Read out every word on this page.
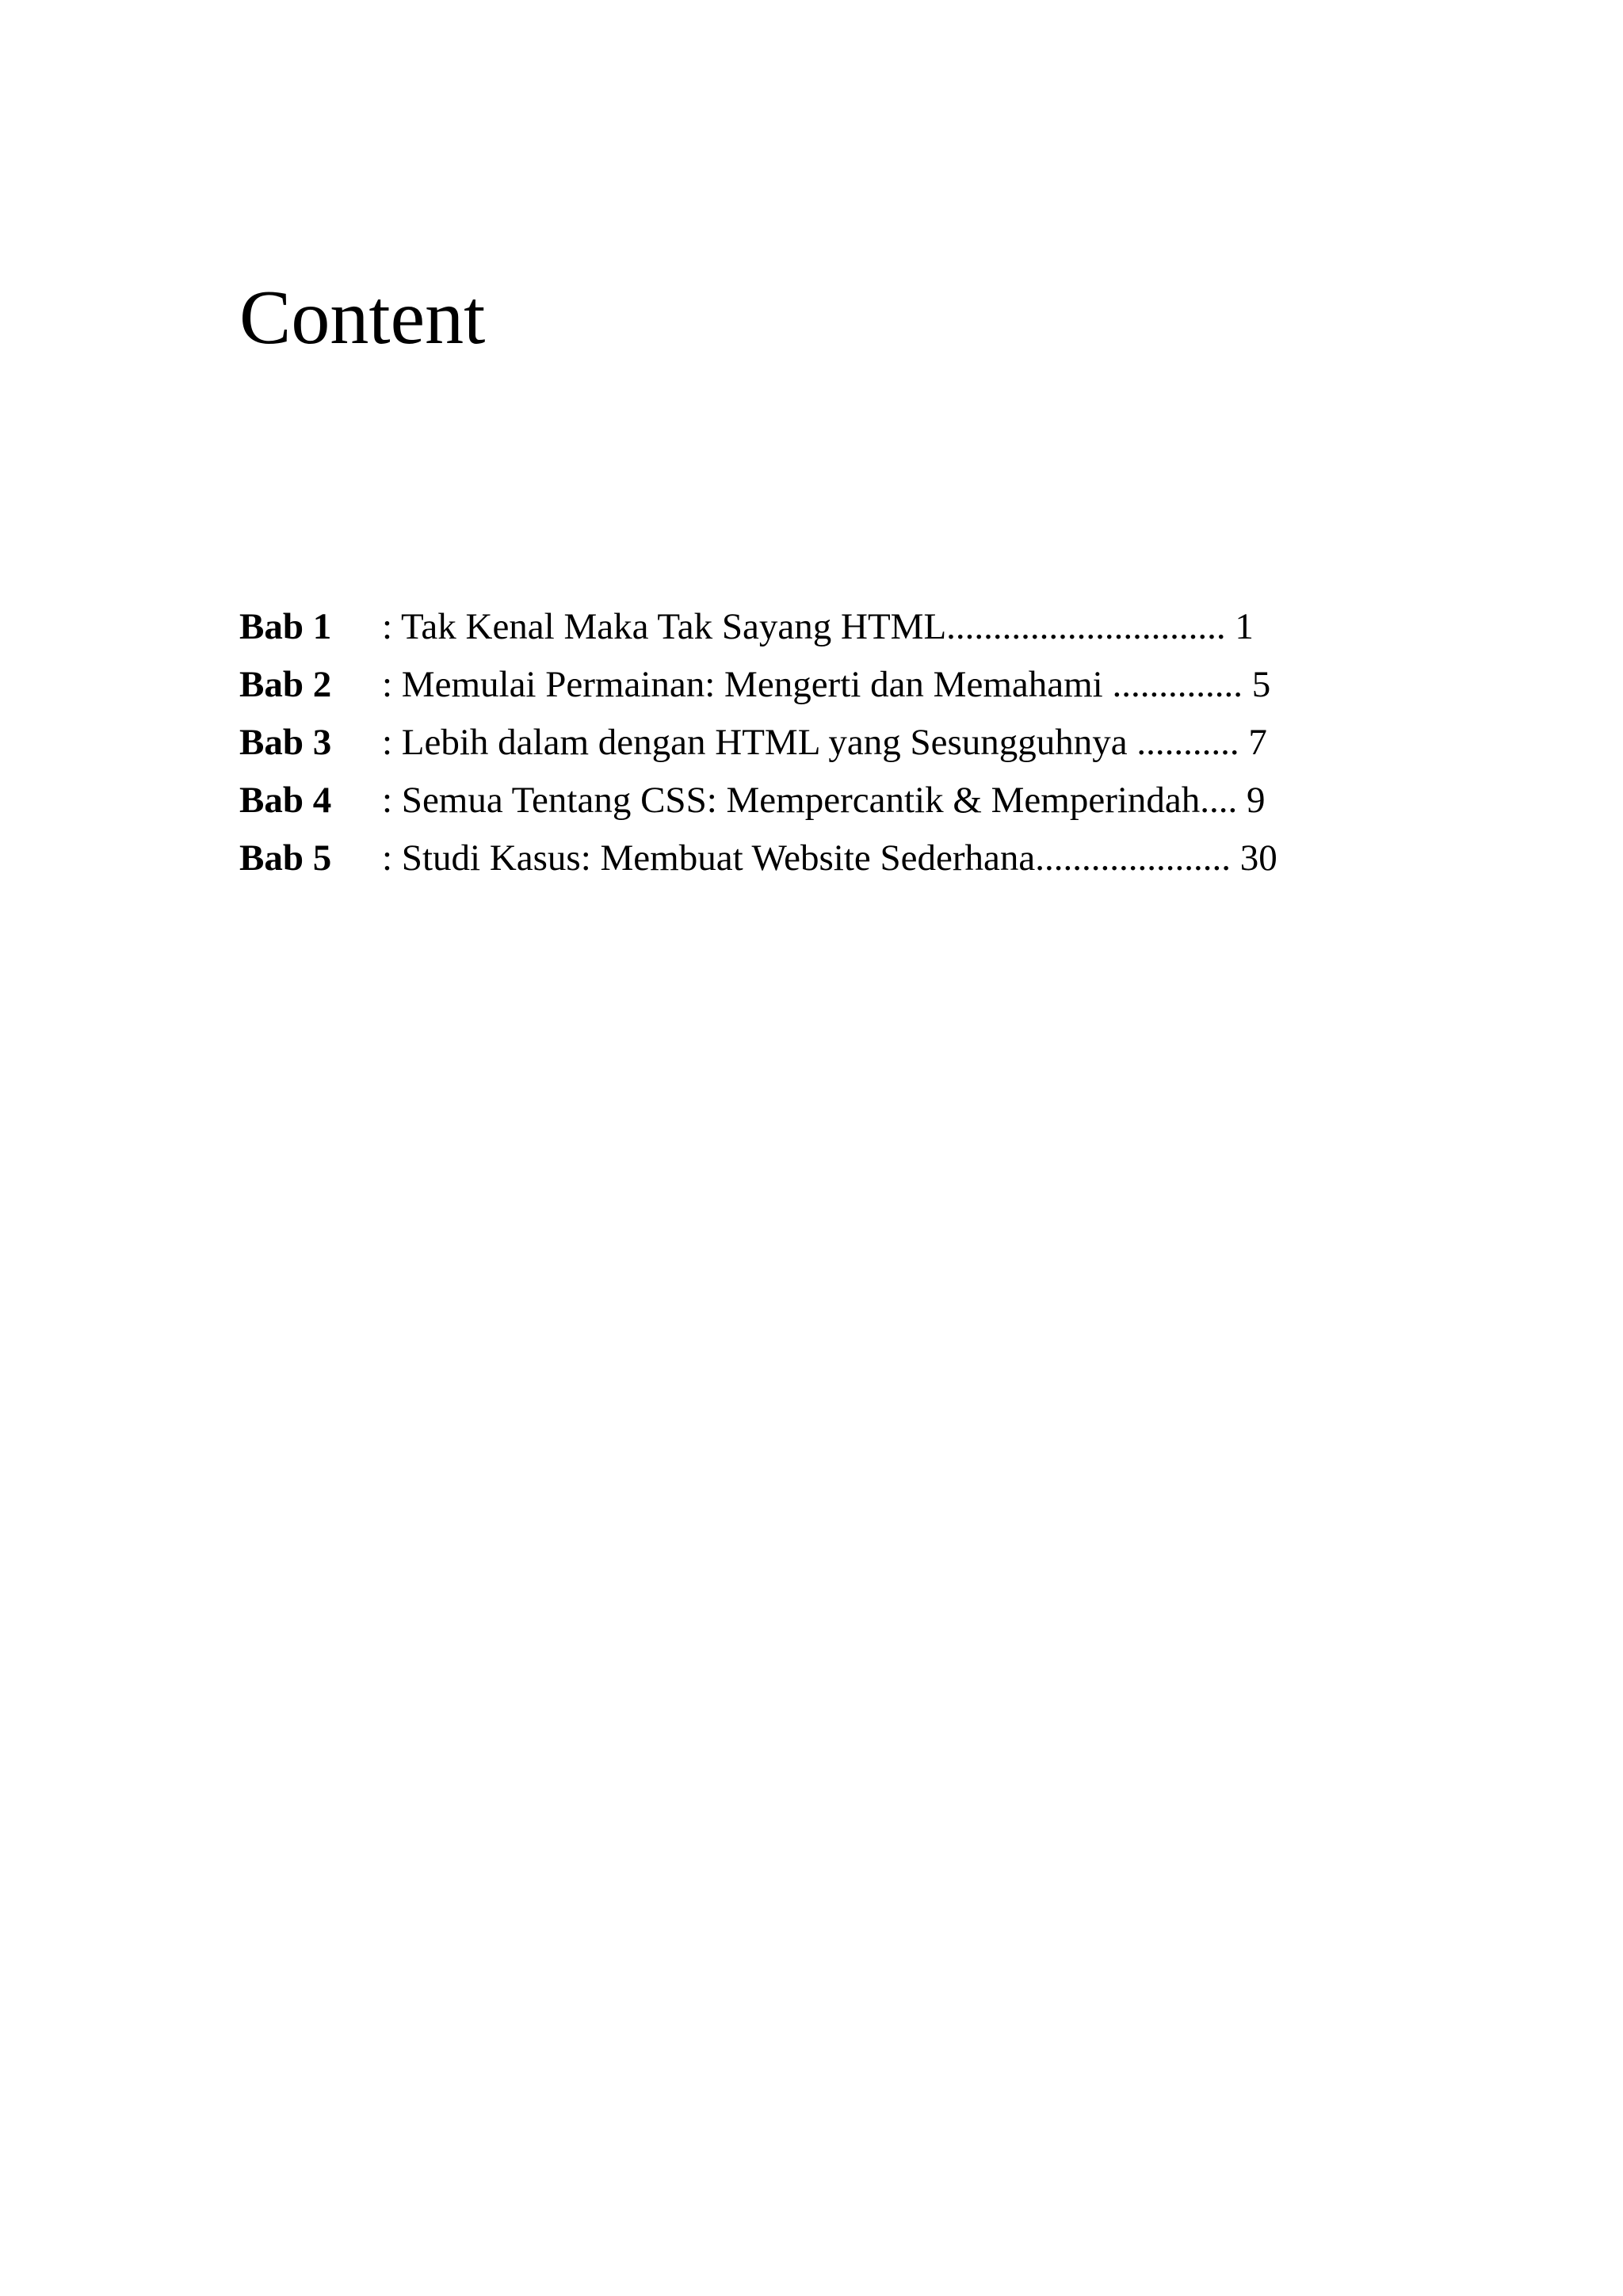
Content
Bab 1 : Tak Kenal Maka Tak Sayang HTML.............................. 1
Bab 2 : Memulai Permainan: Mengerti dan Memahami .............. 5
Bab 3 : Lebih dalam dengan HTML yang Sesungguhnya ........... 7
Bab 4 : Semua Tentang CSS: Mempercantik & Memperindah.... 9
Bab 5 : Studi Kasus: Membuat Website Sederhana..................... 30
